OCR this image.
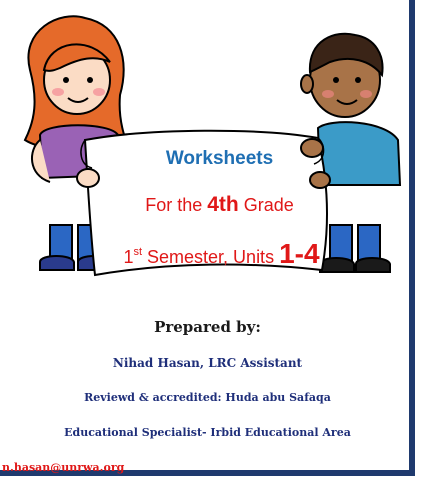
Worksheets
For the 4th Grade
1st Semester, Units 1-4
Prepared by:
Nihad Hasan, LRC Assistant
Reviewd & accredited: Huda abu Safaqa
Educational Specialist- Irbid Educational Area
n.hasan@unrwa.org
